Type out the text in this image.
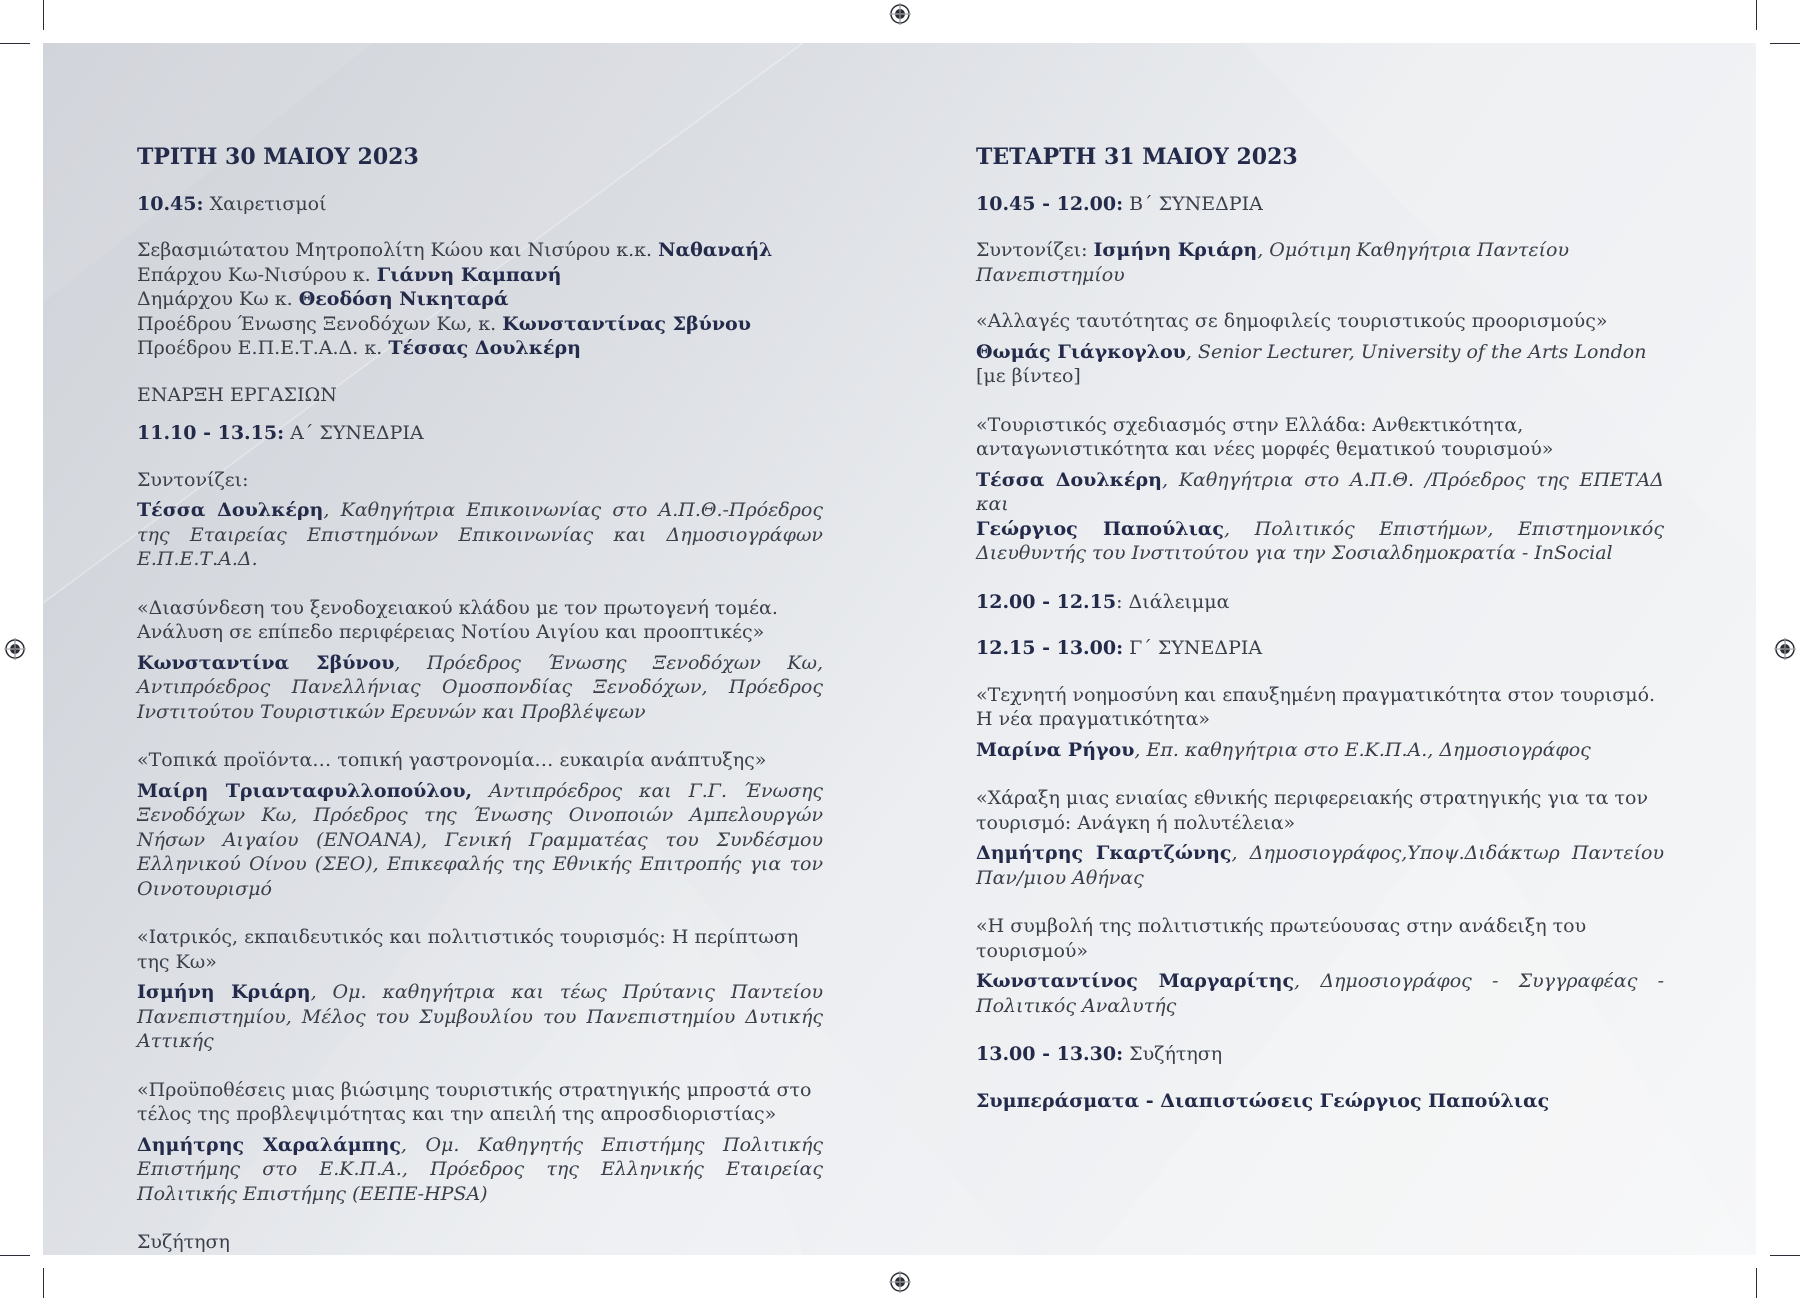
ΤΡΙΤΗ 30 ΜΑΙΟΥ 2023
10.45: Χαιρετισμοί
Σεβασμιώτατου Μητροπολίτη Κώου και Νισύρου κ.κ. Ναθαναήλ
Επάρχου Κω-Νισύρου κ. Γιάννη Καμπανή
Δημάρχου Κω κ. Θεοδόση Νικηταρά
Προέδρου Ένωσης Ξενοδόχων Κω, κ. Κωνσταντίνας Σβύνου
Προέδρου Ε.Π.Ε.Τ.Α.Δ. κ. Τέσσας Δουλκέρη
ΕΝΑΡΞΗ ΕΡΓΑΣΙΩΝ
11.10 - 13.15: Α΄ ΣΥΝΕΔΡΙΑ
Συντονίζει:
Τέσσα Δουλκέρη, Καθηγήτρια Επικοινωνίας στο Α.Π.Θ.-Πρόεδρος της Εταιρείας Επιστημόνων Επικοινωνίας και Δημοσιογράφων Ε.Π.Ε.Τ.Α.Δ.
«Διασύνδεση του ξενοδοχειακού κλάδου με τον πρωτογενή τομέα. Ανάλυση σε επίπεδο περιφέρειας Νοτίου Αιγίου και προοπτικές»
Κωνσταντίνα Σβύνου, Πρόεδρος Ένωσης Ξενοδόχων Κω, Αντιπρόεδρος Πανελλήνιας Ομοσπονδίας Ξενοδόχων, Πρόεδρος Ινστιτούτου Τουριστικών Ερευνών και Προβλέψεων
«Τοπικά προϊόντα… τοπική γαστρονομία… ευκαιρία ανάπτυξης»
Μαίρη Τριανταφυλλοπούλου, Αντιπρόεδρος και Γ.Γ. Ένωσης Ξενοδόχων Κω, Πρόεδρος της Ένωσης Οινοποιών Αμπελουργών Νήσων Αιγαίου (ΕΝΟΑΝΑ), Γενική Γραμματέας του Συνδέσμου Ελληνικού Οίνου (ΣΕΟ), Επικεφαλής της Εθνικής Επιτροπής για τον Οινοτουρισμό
«Ιατρικός, εκπαιδευτικός και πολιτιστικός τουρισμός: Η περίπτωση της Κω»
Ισμήνη Κριάρη, Ομ. καθηγήτρια και τέως Πρύτανις Παντείου Πανεπιστημίου, Μέλος του Συμβουλίου του Πανεπιστημίου Δυτικής Αττικής
«Προϋποθέσεις μιας βιώσιμης τουριστικής στρατηγικής μπροστά στο τέλος της προβλεψιμότητας και την απειλή της απροσδιοριστίας»
Δημήτρης Χαραλάμπης, Ομ. Καθηγητής Επιστήμης Πολιτικής Επιστήμης στο Ε.Κ.Π.Α., Πρόεδρος της Ελληνικής Εταιρείας Πολιτικής Επιστήμης (ΕΕΠΕ-HPSA)
Συζήτηση
ΤΕΤΑΡΤΗ 31 ΜΑΙΟΥ 2023
10.45 - 12.00: Β΄ ΣΥΝΕΔΡΙΑ
Συντονίζει: Ισμήνη Κριάρη, Ομότιμη Καθηγήτρια Παντείου Πανεπιστημίου
«Αλλαγές ταυτότητας σε δημοφιλείς τουριστικούς προορισμούς»
Θωμάς Γιάγκογλου, Senior Lecturer, University of the Arts London
[με βίντεο]
«Τουριστικός σχεδιασμός στην Ελλάδα: Ανθεκτικότητα, ανταγωνιστικότητα και νέες μορφές θεματικού τουρισμού»
Τέσσα Δουλκέρη, Καθηγήτρια στο Α.Π.Θ. /Πρόεδρος της ΕΠΕΤΑΔ και
Γεώργιος Παπούλιας, Πολιτικός Επιστήμων, Επιστημονικός Διευθυντής του Ινστιτούτου για την Σοσιαλδημοκρατία - InSocial
12.00 - 12.15: Διάλειμμα
12.15 - 13.00: Γ΄ ΣΥΝΕΔΡΙΑ
«Τεχνητή νοημοσύνη και επαυξημένη πραγματικότητα στον τουρισμό. Η νέα πραγματικότητα»
Μαρίνα Ρήγου, Επ. καθηγήτρια στο Ε.Κ.Π.Α., Δημοσιογράφος
«Χάραξη μιας ενιαίας εθνικής περιφερειακής στρατηγικής για τα τον τουρισμό: Ανάγκη ή πολυτέλεια»
Δημήτρης Γκαρτζώνης, Δημοσιογράφος,Υποψ.Διδάκτωρ Παντείου Παν/μιου Αθήνας
«Η συμβολή της πολιτιστικής πρωτεύουσας στην ανάδειξη του τουρισμού»
Κωνσταντίνος Μαργαρίτης, Δημοσιογράφος - Συγγραφέας - Πολιτικός Αναλυτής
13.00 - 13.30: Συζήτηση
Συμπεράσματα - Διαπιστώσεις Γεώργιος Παπούλιας
